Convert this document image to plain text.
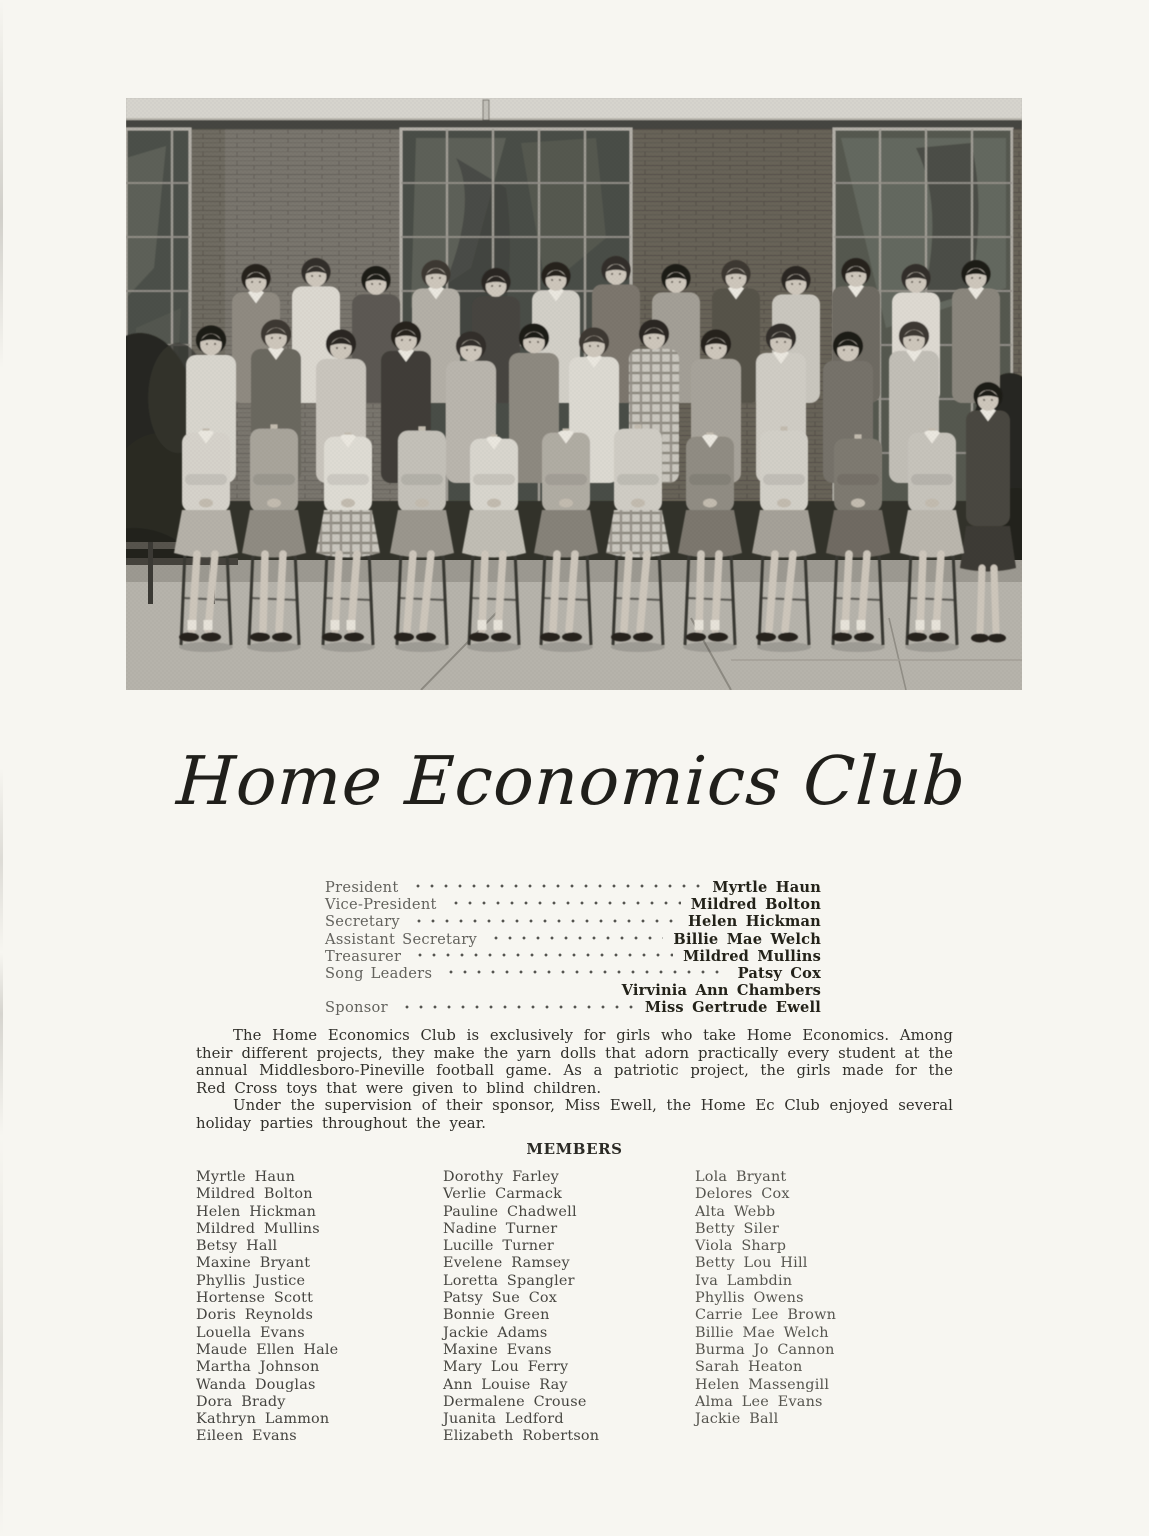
Home Economics Club
President	Myrtle Haun
Vice-President	Mildred Bolton
Secretary	Helen Hickman
Assistant Secretary	Billie Mae Welch
Treasurer	Mildred Mullins
Song Leaders	Patsy Cox
Virvinia Ann Chambers
Sponsor	Miss Gertrude Ewell

The Home Economics Club is exclusively for girls who take Home Economics. Among their different projects, they make the yarn dolls that adorn practically every student at the annual Middlesboro-Pineville football game. As a patriotic project, the girls made for the Red Cross toys that were given to blind children.

Under the supervision of their sponsor, Miss Ewell, the Home Ec Club enjoyed several holiday parties throughout the year.

MEMBERS
Myrtle Haun
Mildred Bolton
Helen Hickman
Mildred Mullins
Betsy Hall
Maxine Bryant
Phyllis Justice
Hortense Scott
Doris Reynolds
Louella Evans
Maude Ellen Hale
Martha Johnson
Wanda Douglas
Dora Brady
Kathryn Lammon
Eileen Evans
Dorothy Farley
Verlie Carmack
Pauline Chadwell
Nadine Turner
Lucille Turner
Evelene Ramsey
Loretta Spangler
Patsy Sue Cox
Bonnie Green
Jackie Adams
Maxine Evans
Mary Lou Ferry
Ann Louise Ray
Dermalene Crouse
Juanita Ledford
Elizabeth Robertson
Lola Bryant
Delores Cox
Alta Webb
Betty Siler
Viola Sharp
Betty Lou Hill
Iva Lambdin
Phyllis Owens
Carrie Lee Brown
Billie Mae Welch
Burma Jo Cannon
Sarah Heaton
Helen Massengill
Alma Lee Evans
Jackie Ball
